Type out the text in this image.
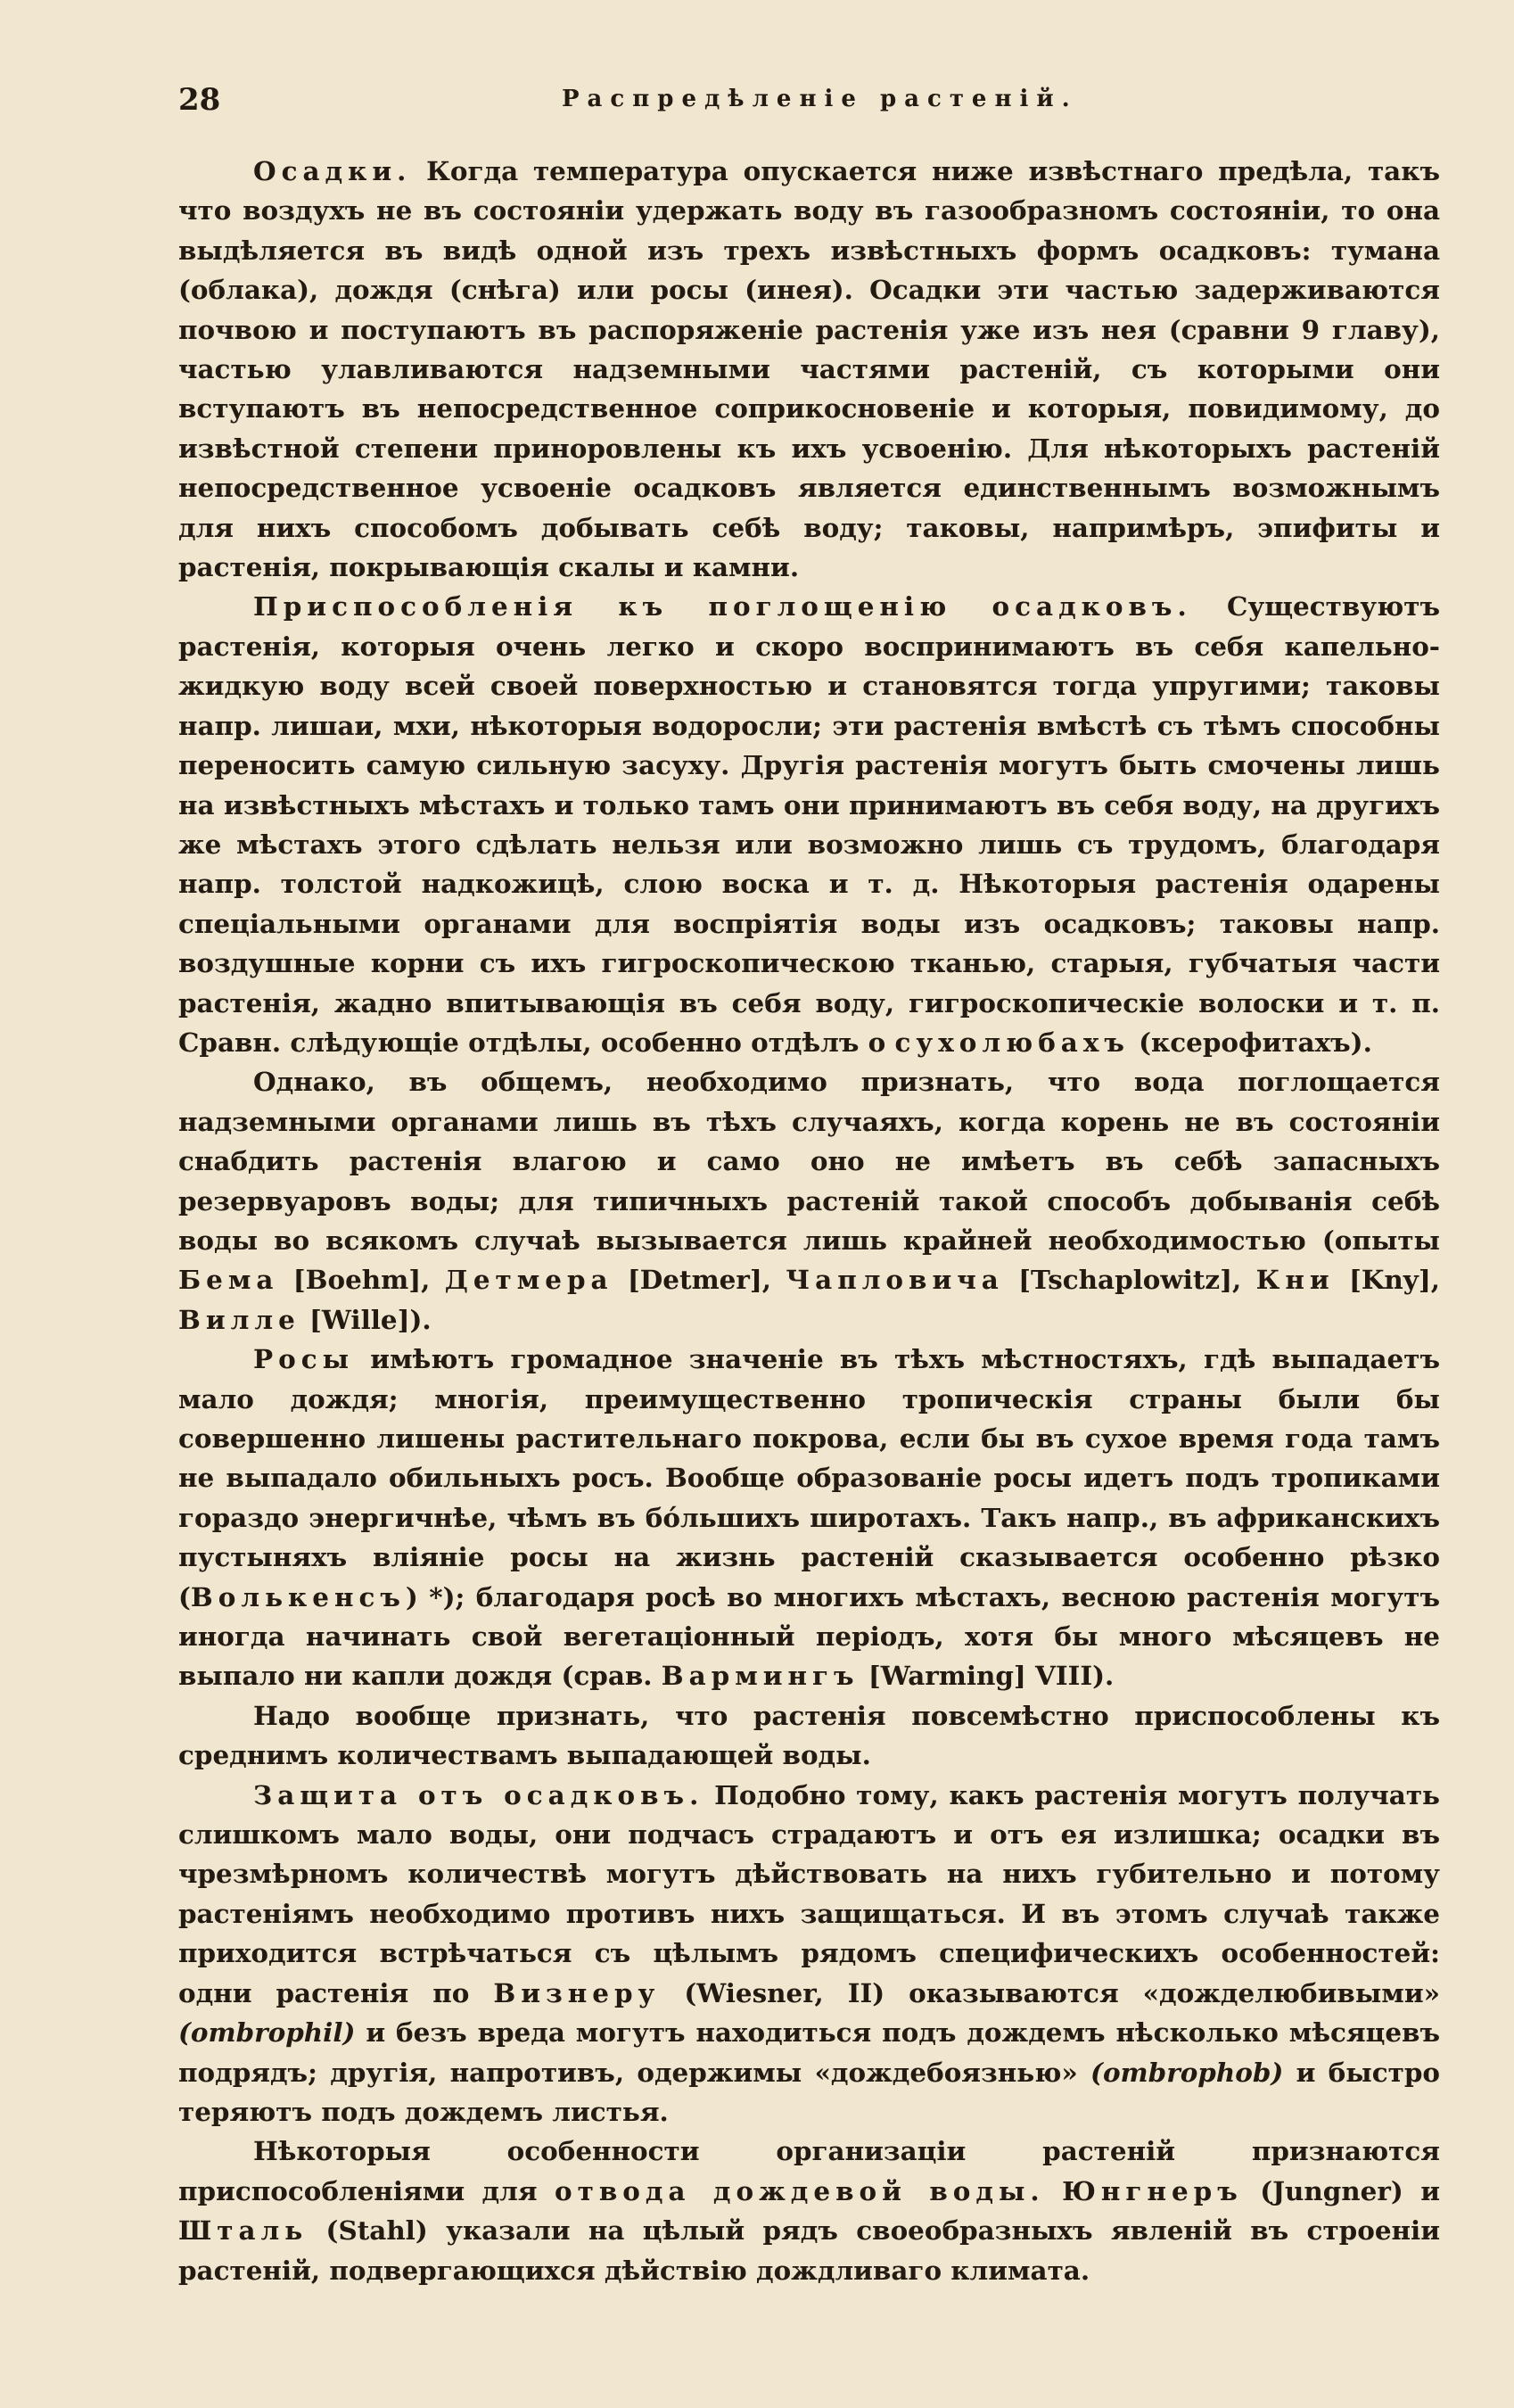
28	Распредѣленіе растеній.

Осадки. Когда температура опускается ниже извѣстнаго предѣла, такъ что воздухъ не въ состояніи удержать воду въ газообразномъ состояніи, то она выдѣляется въ видѣ одной изъ трехъ извѣстныхъ формъ осадковъ: тумана (облака), дождя (снѣга) или росы (инея). Осадки эти частью задерживаются почвою и поступаютъ въ распоряженіе растенія уже изъ нея (сравни 9 главу), частью улавливаются надземными частями растеній, съ которыми они вступаютъ въ непосредственное соприкосновеніе и которыя, повидимому, до извѣстной степени приноровлены къ ихъ усвоенію. Для нѣкоторыхъ растеній непосредственное усвоеніе осадковъ является единственнымъ возможнымъ для нихъ способомъ добывать себѣ воду; таковы, напримѣръ, эпифиты и растенія, покрывающія скалы и камни.

Приспособленія къ поглощенію осадковъ. Существуютъ растенія, которыя очень легко и скоро воспринимаютъ въ себя капельно-жидкую воду всей своей поверхностью и становятся тогда упругими; таковы напр. лишаи, мхи, нѣкоторыя водоросли; эти растенія вмѣстѣ съ тѣмъ способны переносить самую сильную засуху. Другія растенія могутъ быть смочены лишь на извѣстныхъ мѣстахъ и только тамъ они принимаютъ въ себя воду, на другихъ же мѣстахъ этого сдѣлать нельзя или возможно лишь съ трудомъ, благодаря напр. толстой надкожицѣ, слою воска и т. д. Нѣкоторыя растенія одарены спеціальными органами для воспріятія воды изъ осадковъ; таковы напр. воздушные корни съ ихъ гигроскопическою тканью, старыя, губчатыя части растенія, жадно впитывающія въ себя воду, гигроскопическіе волоски и т. п. Сравн. слѣдующіе отдѣлы, особенно отдѣлъ о сухолюбахъ (ксерофитахъ).

Однако, въ общемъ, необходимо признать, что вода поглощается надземными органами лишь въ тѣхъ случаяхъ, когда корень не въ состояніи снабдить растенія влагою и само оно не имѣетъ въ себѣ запасныхъ резервуаровъ воды; для типичныхъ растеній такой способъ добыванія себѣ воды во всякомъ случаѣ вызывается лишь крайней необходимостью (опыты Бема [Boehm], Детмера [Detmer], Чапловича [Tschaplowitz], Кни [Kny], Вилле [Wille]).

Росы имѣютъ громадное значеніе въ тѣхъ мѣстностяхъ, гдѣ выпадаетъ мало дождя; многія, преимущественно тропическія страны были бы совершенно лишены растительнаго покрова, если бы въ сухое время года тамъ не выпадало обильныхъ росъ. Вообще образованіе росы идетъ подъ тропиками гораздо энергичнѣе, чѣмъ въ бóльшихъ широтахъ. Такъ напр., въ африканскихъ пустыняхъ вліяніе росы на жизнь растеній сказывается особенно рѣзко (Волькенсъ) *); благодаря росѣ во многихъ мѣстахъ, весною растенія могутъ иногда начинать свой вегетаціонный періодъ, хотя бы много мѣсяцевъ не выпало ни капли дождя (срав. Вармингъ [Warming] VIII).

Надо вообще признать, что растенія повсемѣстно приспособлены къ среднимъ количествамъ выпадающей воды.

Защита отъ осадковъ. Подобно тому, какъ растенія могутъ получать слишкомъ мало воды, они подчасъ страдаютъ и отъ ея излишка; осадки въ чрезмѣрномъ количествѣ могутъ дѣйствовать на нихъ губительно и потому растеніямъ необходимо противъ нихъ защищаться. И въ этомъ случаѣ также приходится встрѣчаться съ цѣлымъ рядомъ специфическихъ особенностей: одни растенія по Визнеру (Wiesner, II) оказываются «дожделюбивыми» (ombrophil) и безъ вреда могутъ находиться подъ дождемъ нѣсколько мѣсяцевъ подрядъ; другія, напротивъ, одержимы «дождебоязнью» (ombrophob) и быстро теряютъ подъ дождемъ листья.

Нѣкоторыя особенности организаціи растеній признаются приспособленіями для отвода дождевой воды. Юнгнеръ (Jungner) и Шталь (Stahl) указали на цѣлый рядъ своеобразныхъ явленій въ строеніи растеній, подвергающихся дѣйствію дождливаго климата.
